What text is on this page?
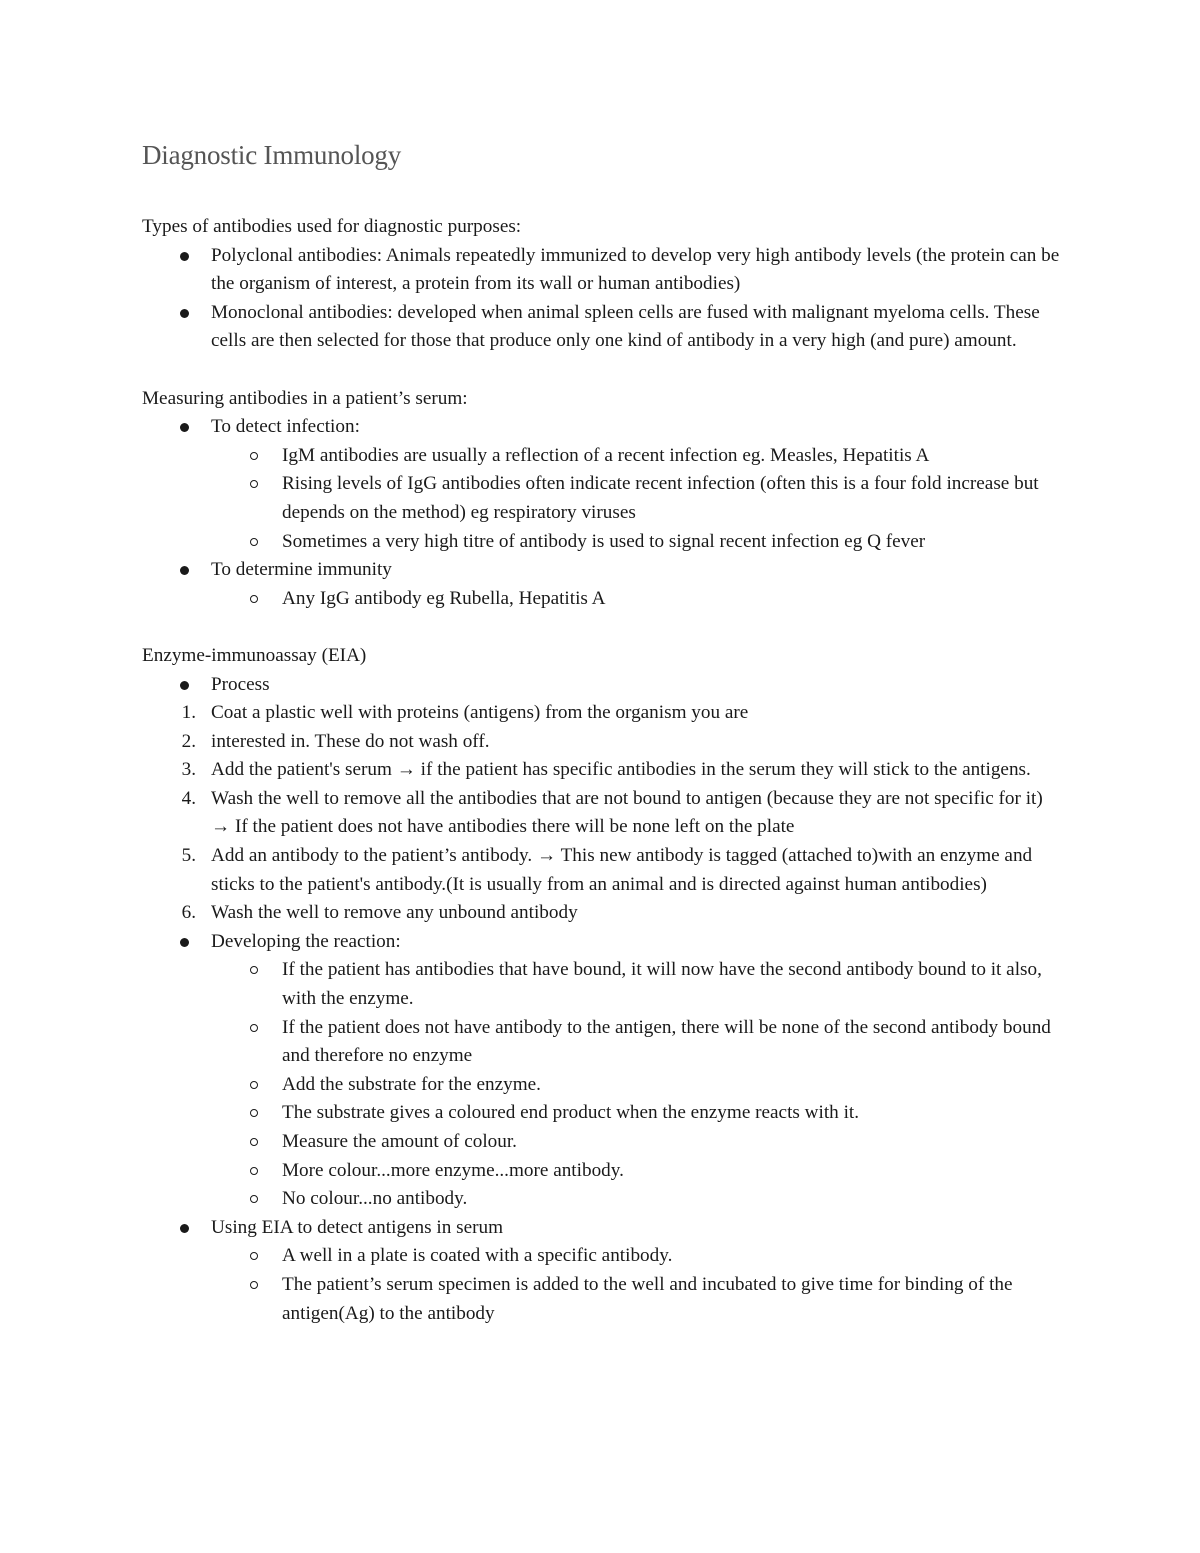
Diagnostic Immunology

Types of antibodies used for diagnostic purposes:

Polyclonal antibodies: Animals repeatedly immunized to develop very high antibody levels (the protein can be the organism of interest, a protein from its wall or human antibodies)
Monoclonal antibodies: developed when animal spleen cells are fused with malignant myeloma cells. These cells are then selected for those that produce only one kind of antibody in a very high (and pure) amount.

Measuring antibodies in a patient’s serum:

To detect infection:
IgM antibodies are usually a reflection of a recent infection eg. Measles, Hepatitis A
Rising levels of IgG antibodies often indicate recent infection (often this is a four fold increase but depends on the method) eg respiratory viruses
Sometimes a very high titre of antibody is used to signal recent infection eg Q fever
To determine immunity
Any IgG antibody eg Rubella, Hepatitis A

Enzyme-immunoassay (EIA)

Process
1. Coat a plastic well with proteins (antigens) from the organism you are
2. interested in. These do not wash off.
3. Add the patient's serum → if the patient has specific antibodies in the serum they will stick to the antigens.
4. Wash the well to remove all the antibodies that are not bound to antigen (because they are not specific for it) → If the patient does not have antibodies there will be none left on the plate
5. Add an antibody to the patient’s antibody. → This new antibody is tagged (attached to)with an enzyme and sticks to the patient's antibody.(It is usually from an animal and is directed against human antibodies)
6. Wash the well to remove any unbound antibody
Developing the reaction:
If the patient has antibodies that have bound, it will now have the second antibody bound to it also, with the enzyme.
If the patient does not have antibody to the antigen, there will be none of the second antibody bound and therefore no enzyme
Add the substrate for the enzyme.
The substrate gives a coloured end product when the enzyme reacts with it.
Measure the amount of colour.
More colour...more enzyme...more antibody.
No colour...no antibody.
Using EIA to detect antigens in serum
A well in a plate is coated with a specific antibody.
The patient’s serum specimen is added to the well and incubated to give time for binding of the antigen(Ag) to the antibody
